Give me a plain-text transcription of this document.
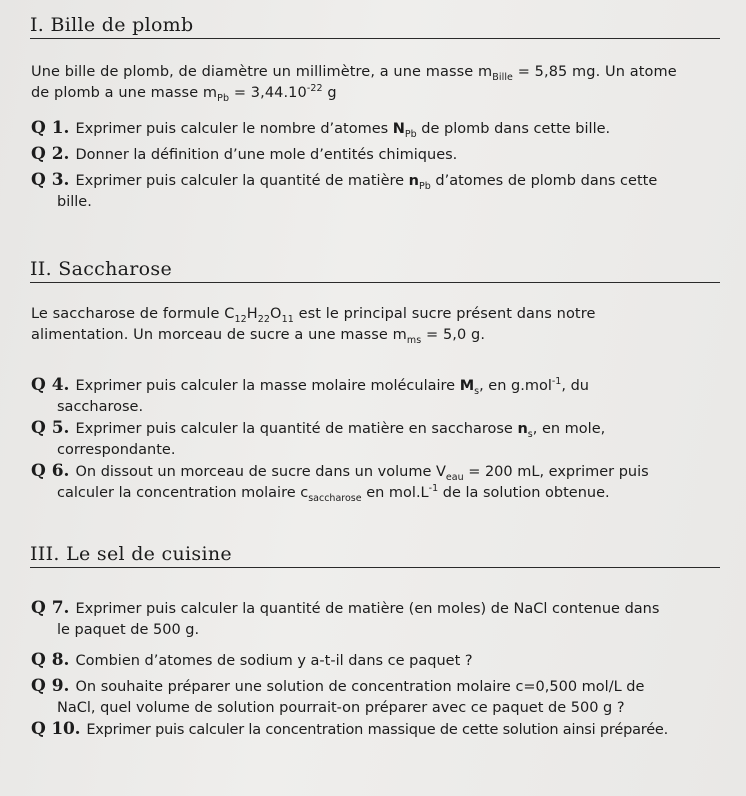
I. Bille de plomb
Une bille de plomb, de diamètre un millimètre, a une masse $m_{Bille} = 5,85$ mg. Un atome
de plomb a une masse $m_{Pb} = 3,44.10^{-22}$ g
Q 1. Exprimer puis calculer le nombre d’atomes $N_{Pb}$ de plomb dans cette bille.
Q 2. Donner la définition d’une mole d’entités chimiques.
Q 3. Exprimer puis calculer la quantité de matière $n_{Pb}$ d’atomes de plomb dans cette
bille.
II. Saccharose
Le saccharose de formule $C_{12}H_{22}O_{11}$ est le principal sucre présent dans notre
alimentation. Un morceau de sucre a une masse $m_{ms} = 5,0$ g.
Q 4. Exprimer puis calculer la masse molaire moléculaire $M_s$, en g.mol$^{-1}$, du
saccharose.
Q 5. Exprimer puis calculer la quantité de matière en saccharose $n_s$, en mole,
correspondante.
Q 6. On dissout un morceau de sucre dans un volume $V_{eau} = 200$ mL, exprimer puis
calculer la concentration molaire $c_{saccharose}$ en $mol.L^{-1}$ de la solution obtenue.
III. Le sel de cuisine
Q 7. Exprimer puis calculer la quantité de matière (en moles) de NaCl contenue dans
le paquet de 500 g.
Q 8. Combien d’atomes de sodium y a-t-il dans ce paquet ?
Q 9. On souhaite préparer une solution de concentration molaire c=0,500 mol/L de
NaCl, quel volume de solution pourrait-on préparer avec ce paquet de 500 g ?
Q 10. Exprimer puis calculer la concentration massique de cette solution ainsi préparée.
